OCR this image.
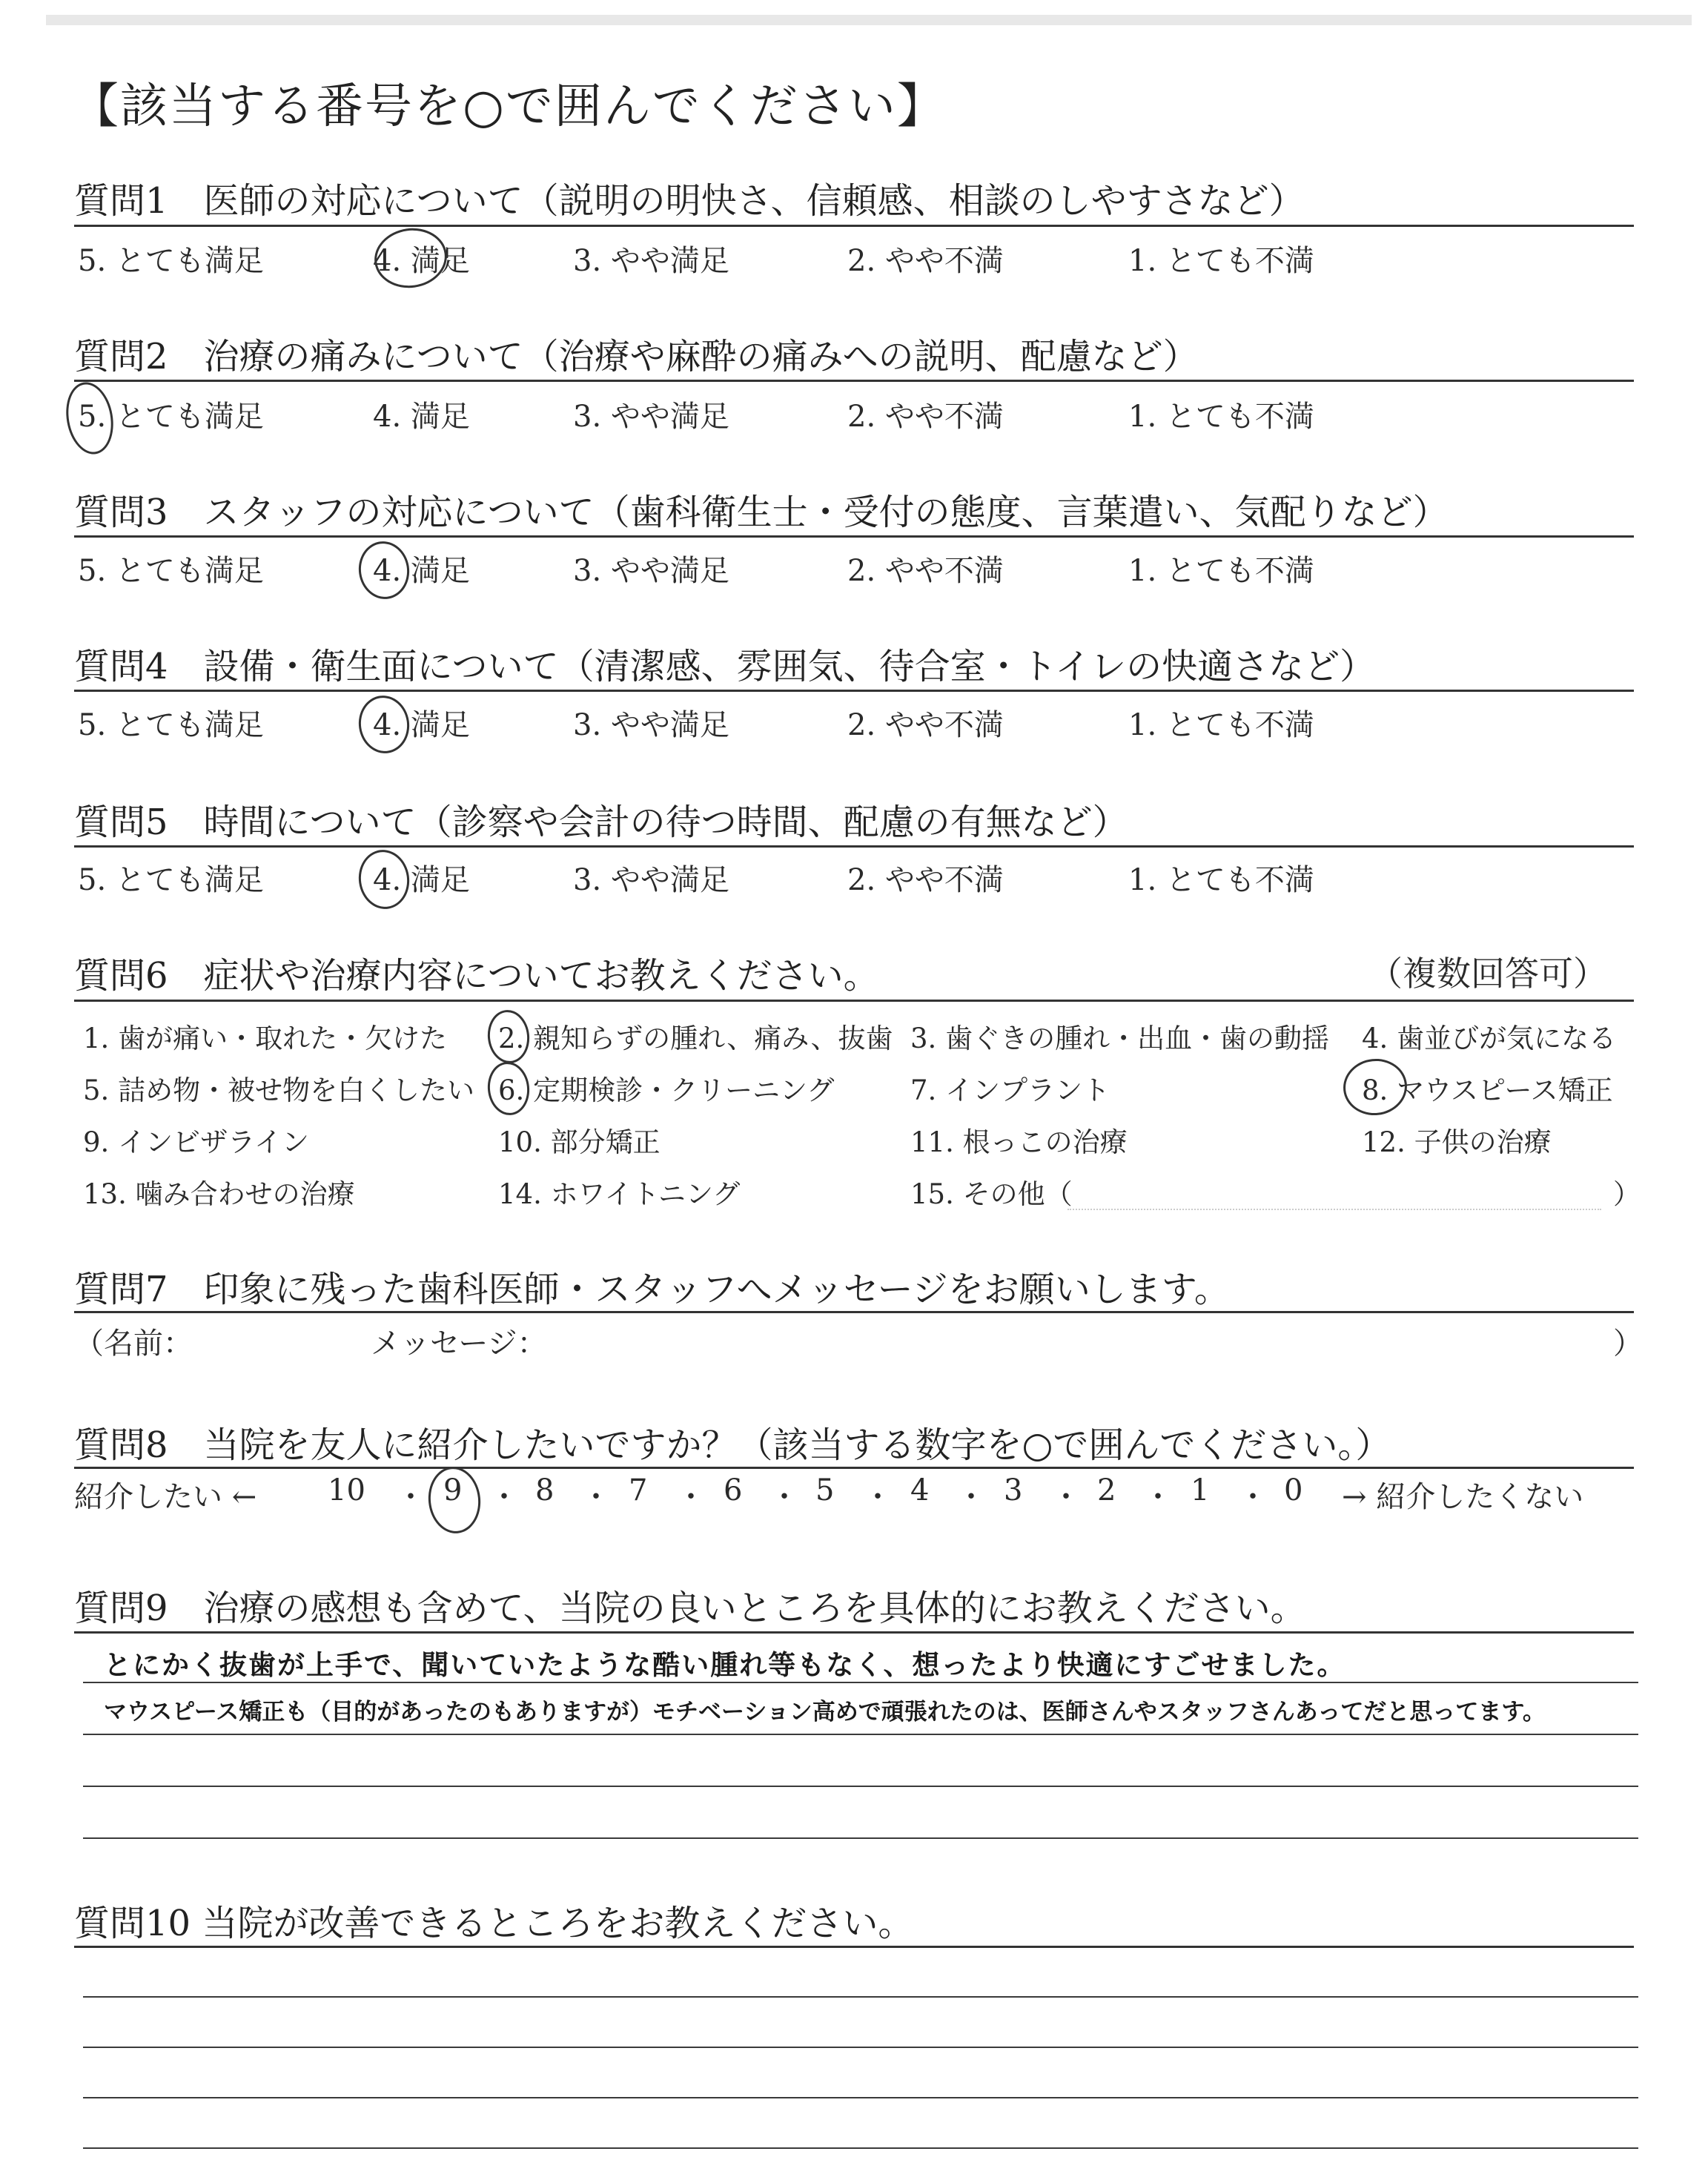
【該当する番号を○で囲んでください】
質問1　医師の対応について（説明の明快さ、信頼感、相談のしやすさなど）
5. とても満足	4. 満足	3. やや満足	2. やや不満	1. とても不満
質問2　治療の痛みについて（治療や麻酔の痛みへの説明、配慮など）
5. とても満足	4. 満足	3. やや満足	2. やや不満	1. とても不満
質問3　スタッフの対応について（歯科衛生士・受付の態度、言葉遣い、気配りなど）
5. とても満足	4. 満足	3. やや満足	2. やや不満	1. とても不満
質問4　設備・衛生面について（清潔感、雰囲気、待合室・トイレの快適さなど）
5. とても満足	4. 満足	3. やや満足	2. やや不満	1. とても不満
質問5　時間について（診察や会計の待つ時間、配慮の有無など）
5. とても満足	4. 満足	3. やや満足	2. やや不満	1. とても不満
質問6　症状や治療内容についてお教えください。	（複数回答可）
1. 歯が痛い・取れた・欠けた 2. 親知らずの腫れ、痛み、抜歯 3. 歯ぐきの腫れ・出血・歯の動揺 4. 歯並びが気になる
5. 詰め物・被せ物を白くしたい 6. 定期検診・クリーニング	7. インプラント	8. マウスピース矯正
9. インビザライン	10. 部分矯正	11. 根っこの治療	12. 子供の治療
13. 噛み合わせの治療	14. ホワイトニング	15. その他（	）
質問7　印象に残った歯科医師・スタッフへメッセージをお願いします。
（名前：	メッセージ：	）
質問8　当院を友人に紹介したいですか？（該当する数字を○で囲んでください。）
紹介したい ←	→ 紹介したくない
10 ・ 9 ・ 8 ・ 7 ・ 6 ・ 5 ・ 4 ・ 3 ・ 2 ・ 1 ・ 0
質問9　治療の感想も含めて、当院の良いところを具体的にお教えください。
とにかく抜歯が上手で、聞いていたような酷い腫れ等もなく、想ったより快適にすごせました。
マウスピース矯正も（目的があったのもありますが）モチベーション高めで頑張れたのは、医師さんやスタッフさんあってだと思ってます。
質問10 当院が改善できるところをお教えください。
